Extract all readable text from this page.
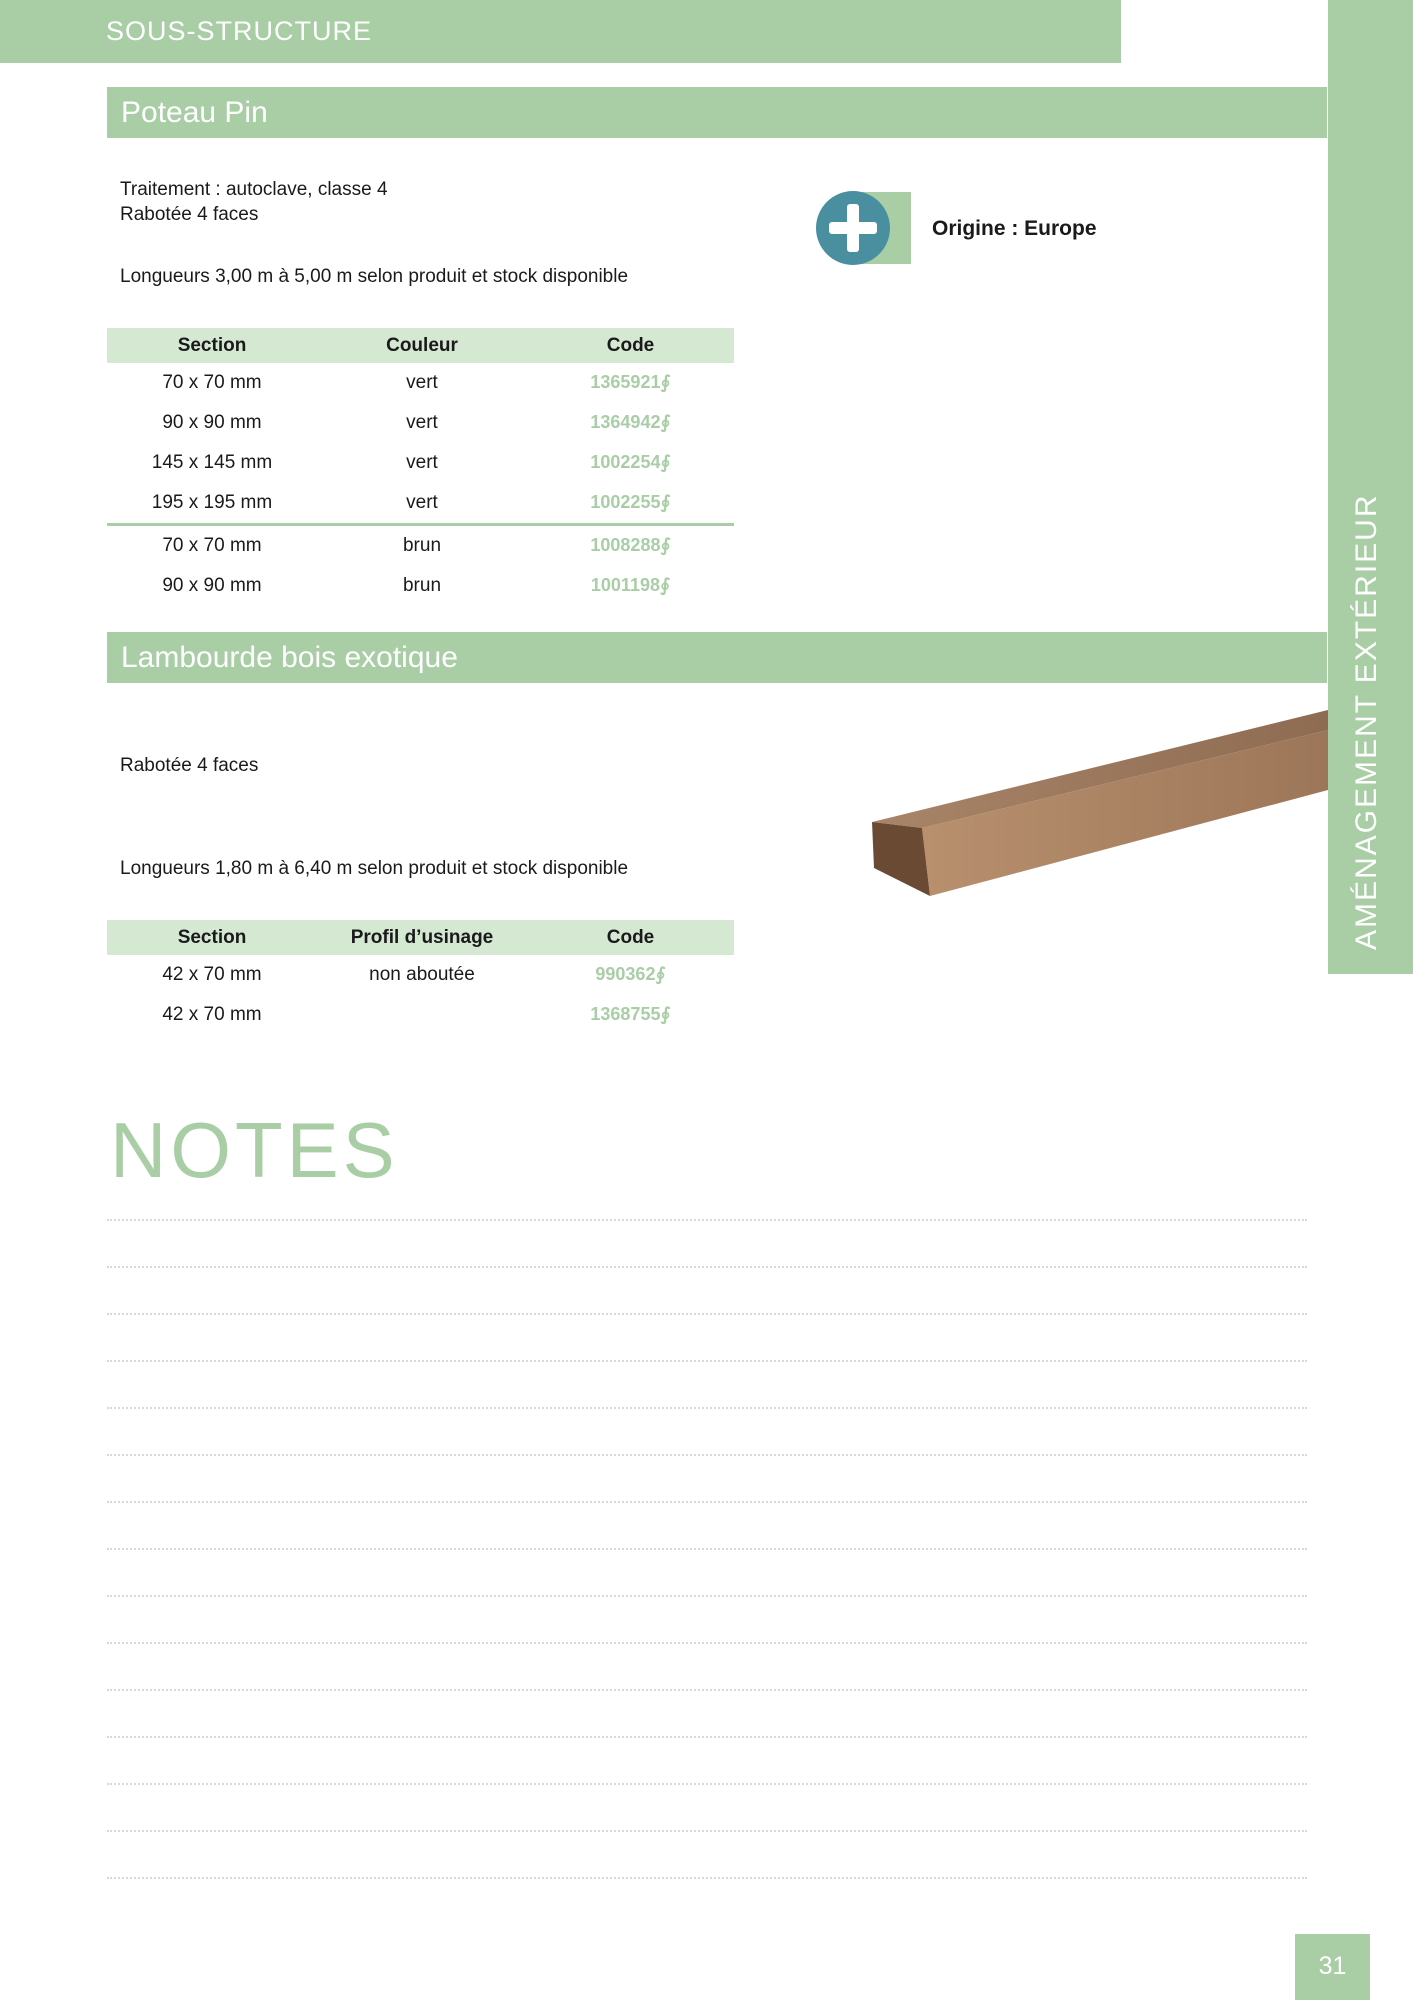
SOUS-STRUCTURE
AMÉNAGEMENT EXTÉRIEUR
Poteau Pin
Traitement : autoclave, classe 4
Rabotée 4 faces
Longueurs 3,00 m à 5,00 m selon produit et stock disponible
Origine : Europe
Section	Couleur	Code
70 x 70 mm	vert	1365921∮
90 x 90 mm	vert	1364942∮
145 x 145 mm	vert	1002254∮
195 x 195 mm	vert	1002255∮
70 x 70 mm	brun	1008288∮
90 x 90 mm	brun	1001198∮
Lambourde bois exotique
Rabotée 4 faces
Longueurs 1,80 m à 6,40 m selon produit et stock disponible
Section	Profil d’usinage	Code
42 x 70 mm	non aboutée	990362∮
42 x 70 mm		1368755∮
NOTES
31
